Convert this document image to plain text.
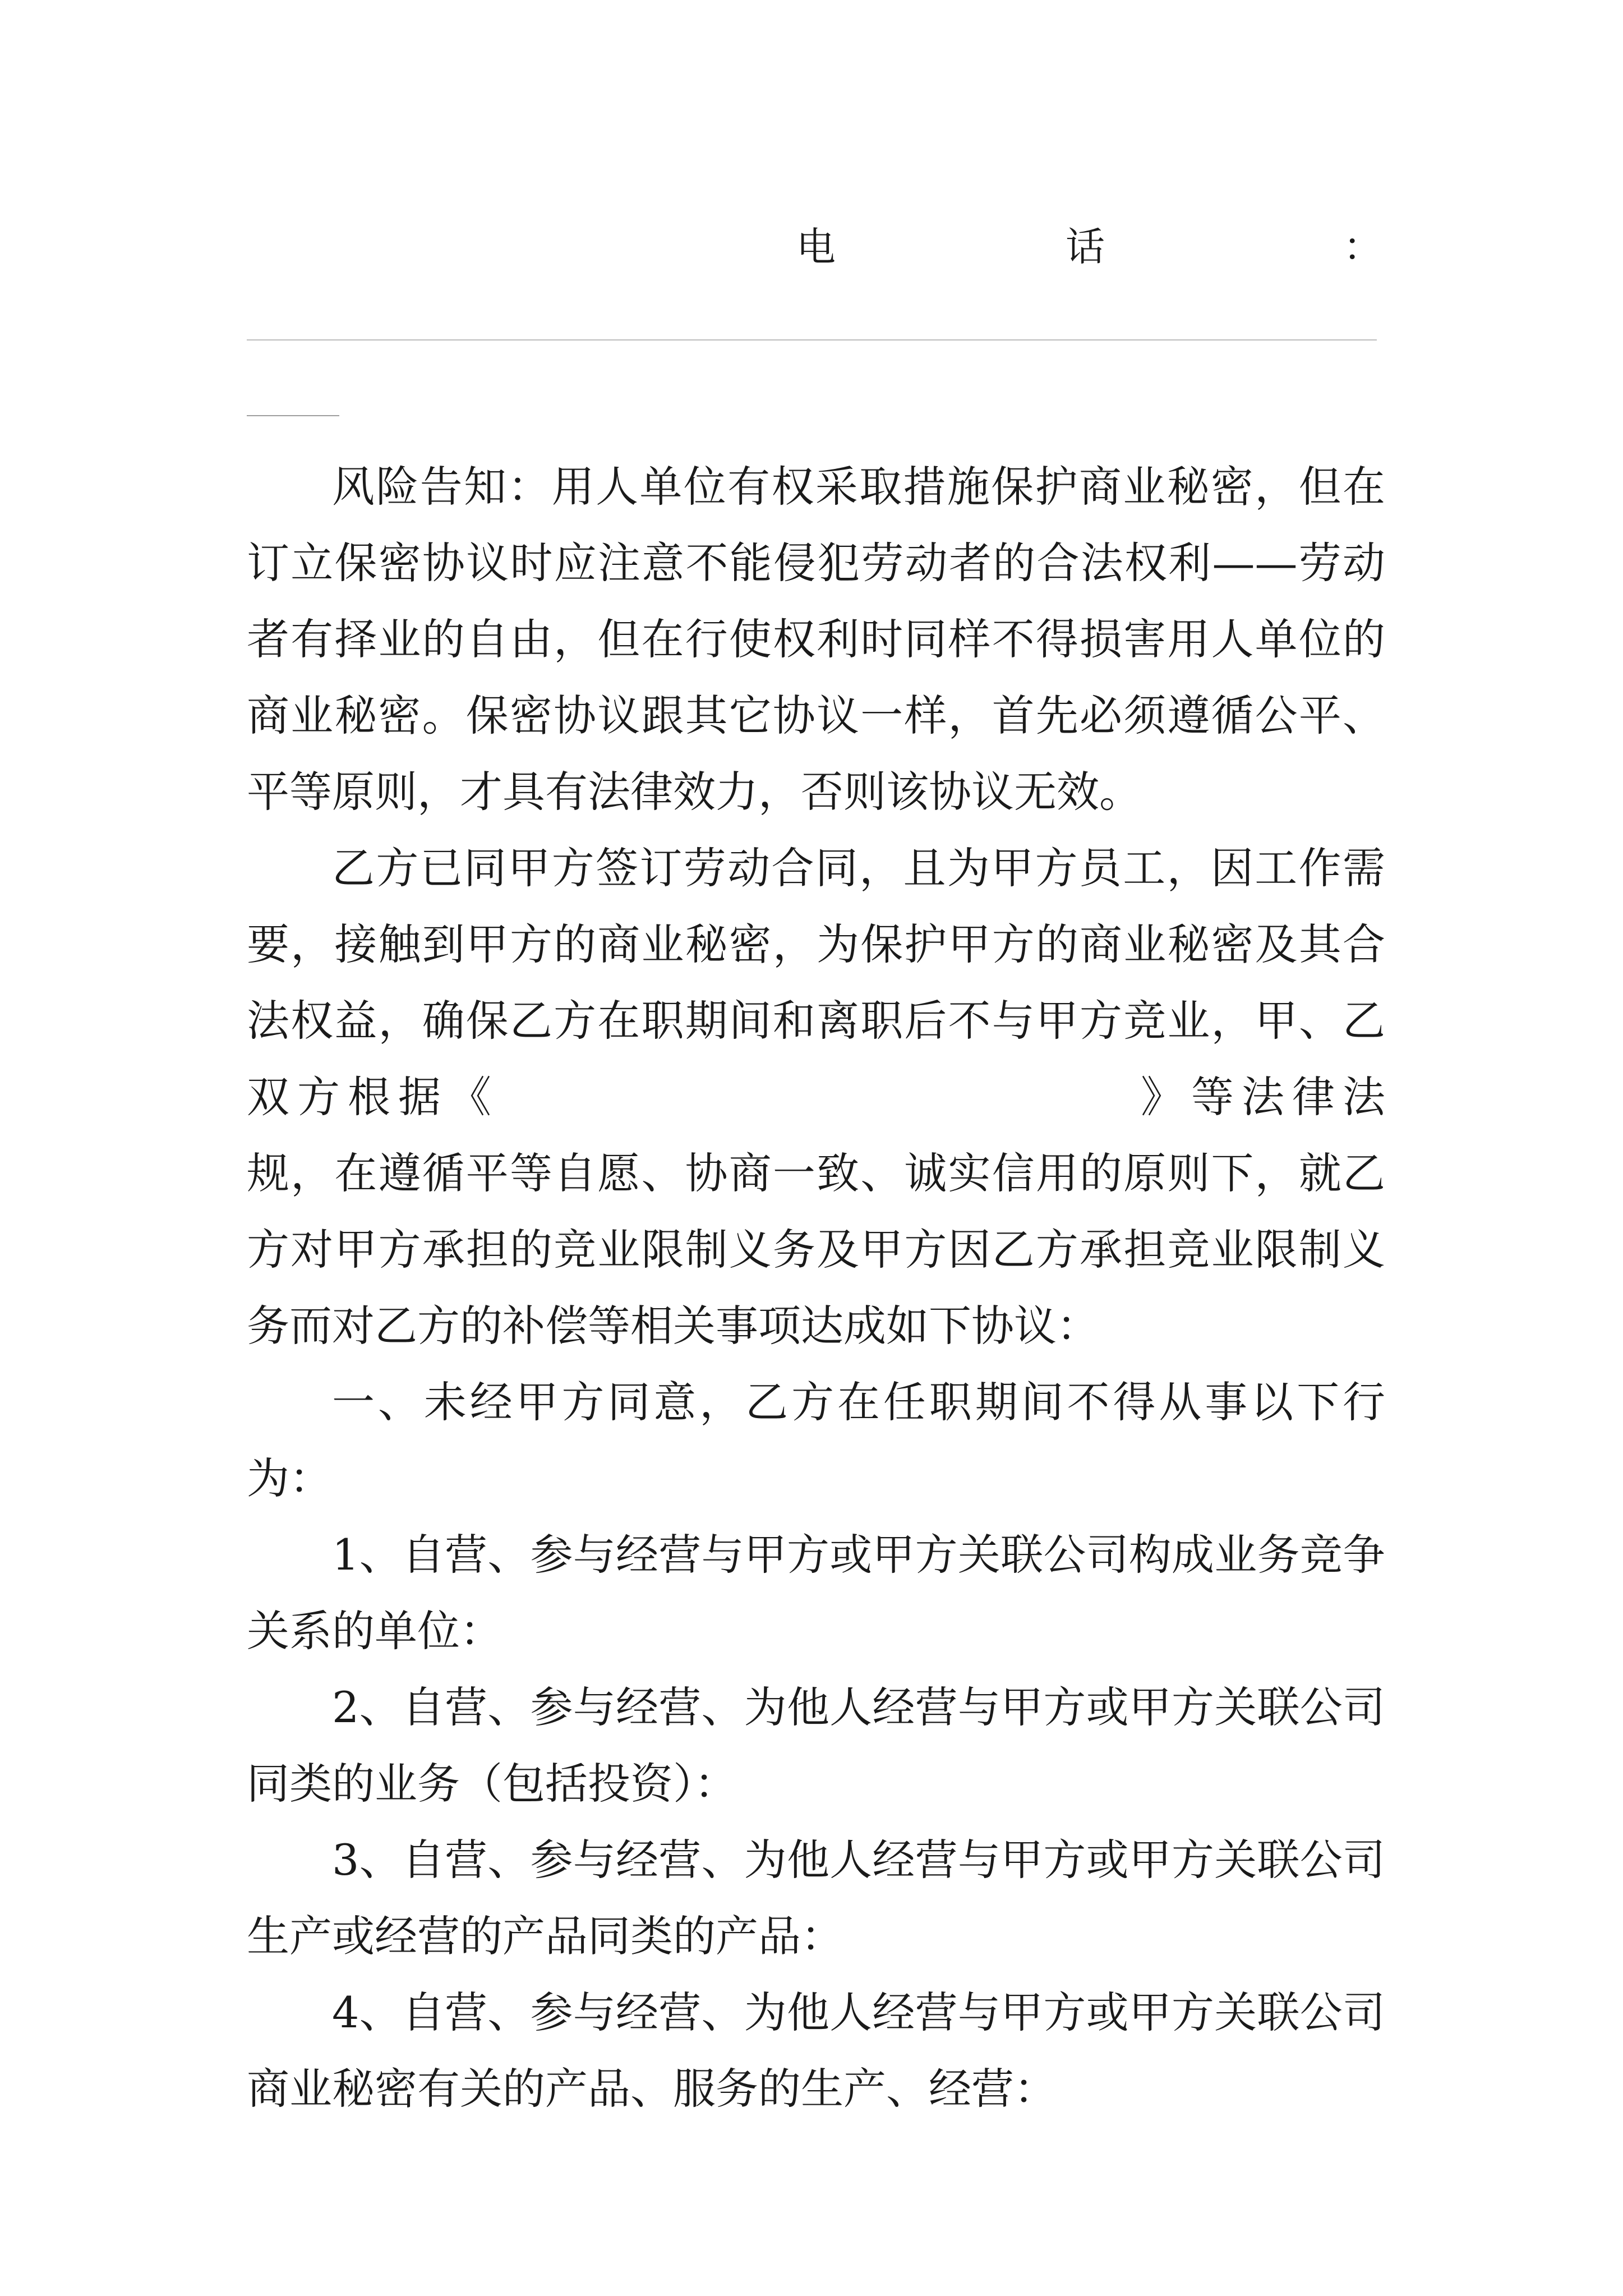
电	话	：

风险告知：用人单位有权采取措施保护商业秘密，但在订立保密协议时应注意不能侵犯劳动者的合法权利——劳动者有择业的自由，但在行使权利时同样不得损害用人单位的商业秘密。保密协议跟其它协议一样，首先必须遵循公平、平等原则，才具有法律效力，否则该协议无效。

乙方已同甲方签订劳动合同，且为甲方员工，因工作需要，接触到甲方的商业秘密，为保护甲方的商业秘密及其合法权益，确保乙方在职期间和离职后不与甲方竞业，甲、乙双方根据《	》等法律法规，在遵循平等自愿、协商一致、诚实信用的原则下，就乙方对甲方承担的竞业限制义务及甲方因乙方承担竞业限制义务而对乙方的补偿等相关事项达成如下协议：

一、未经甲方同意，乙方在任职期间不得从事以下行为：

1、自营、参与经营与甲方或甲方关联公司构成业务竞争关系的单位：

2、自营、参与经营、为他人经营与甲方或甲方关联公司同类的业务（包括投资）：

3、自营、参与经营、为他人经营与甲方或甲方关联公司生产或经营的产品同类的产品：

4、自营、参与经营、为他人经营与甲方或甲方关联公司商业秘密有关的产品、服务的生产、经营：
